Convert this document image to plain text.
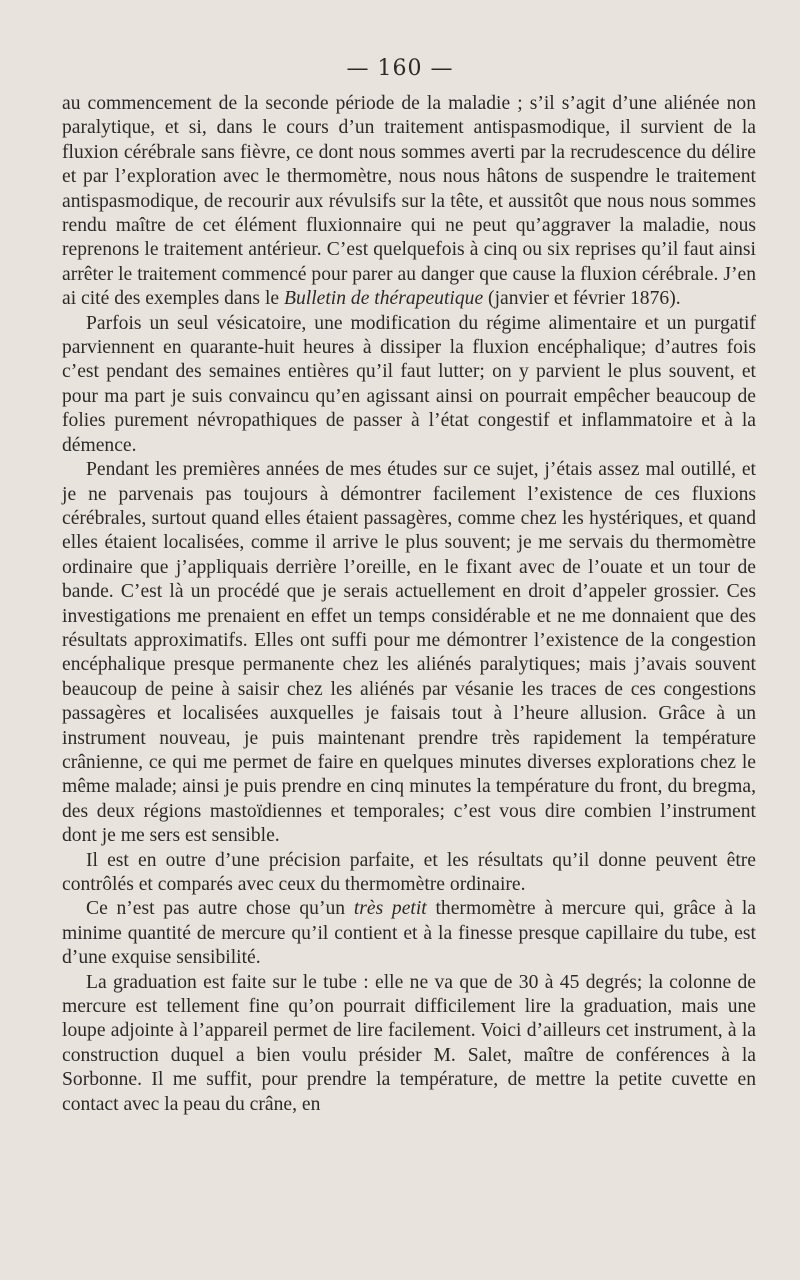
— 160 —

au commencement de la seconde période de la maladie ; s’il s’agit d’une aliénée non paralytique, et si, dans le cours d’un traitement antispasmodique, il survient de la fluxion cérébrale sans fièvre, ce dont nous sommes averti par la recrudescence du délire et par l’exploration avec le thermomètre, nous nous hâtons de suspendre le traitement antispasmodique, de recourir aux révulsifs sur la tête, et aussitôt que nous nous sommes rendu maître de cet élément fluxionnaire qui ne peut qu’aggraver la maladie, nous reprenons le traitement antérieur. C’est quelquefois à cinq ou six reprises qu’il faut ainsi arrêter le traitement commencé pour parer au danger que cause la fluxion cérébrale. J’en ai cité des exemples dans le Bulletin de thérapeutique (janvier et février 1876).

Parfois un seul vésicatoire, une modification du régime alimentaire et un purgatif parviennent en quarante-huit heures à dissiper la fluxion encéphalique; d’autres fois c’est pendant des semaines entières qu’il faut lutter; on y parvient le plus souvent, et pour ma part je suis convaincu qu’en agissant ainsi on pourrait empêcher beaucoup de folies purement névropathiques de passer à l’état congestif et inflammatoire et à la démence.

Pendant les premières années de mes études sur ce sujet, j’étais assez mal outillé, et je ne parvenais pas toujours à démontrer facilement l’existence de ces fluxions cérébrales, surtout quand elles étaient passagères, comme chez les hystériques, et quand elles étaient localisées, comme il arrive le plus souvent; je me servais du thermomètre ordinaire que j’appliquais derrière l’oreille, en le fixant avec de l’ouate et un tour de bande. C’est là un procédé que je serais actuellement en droit d’appeler grossier. Ces investigations me prenaient en effet un temps considérable et ne me donnaient que des résultats approximatifs. Elles ont suffi pour me démontrer l’existence de la congestion encéphalique presque permanente chez les aliénés paralytiques; mais j’avais souvent beaucoup de peine à saisir chez les aliénés par vésanie les traces de ces congestions passagères et localisées auxquelles je faisais tout à l’heure allusion. Grâce à un instrument nouveau, je puis maintenant prendre très rapidement la température crânienne, ce qui me permet de faire en quelques minutes diverses explorations chez le même malade; ainsi je puis prendre en cinq minutes la température du front, du bregma, des deux régions mastoïdiennes et temporales; c’est vous dire combien l’instrument dont je me sers est sensible.

Il est en outre d’une précision parfaite, et les résultats qu’il donne peuvent être contrôlés et comparés avec ceux du thermomètre ordinaire.

Ce n’est pas autre chose qu’un très petit thermomètre à mercure qui, grâce à la minime quantité de mercure qu’il contient et à la finesse presque capillaire du tube, est d’une exquise sensibilité.

La graduation est faite sur le tube : elle ne va que de 30 à 45 degrés; la colonne de mercure est tellement fine qu’on pourrait difficilement lire la graduation, mais une loupe adjointe à l’appareil permet de lire facilement. Voici d’ailleurs cet instrument, à la construction duquel a bien voulu présider M. Salet, maître de conférences à la Sorbonne. Il me suffit, pour prendre la température, de mettre la petite cuvette en contact avec la peau du crâne, en
